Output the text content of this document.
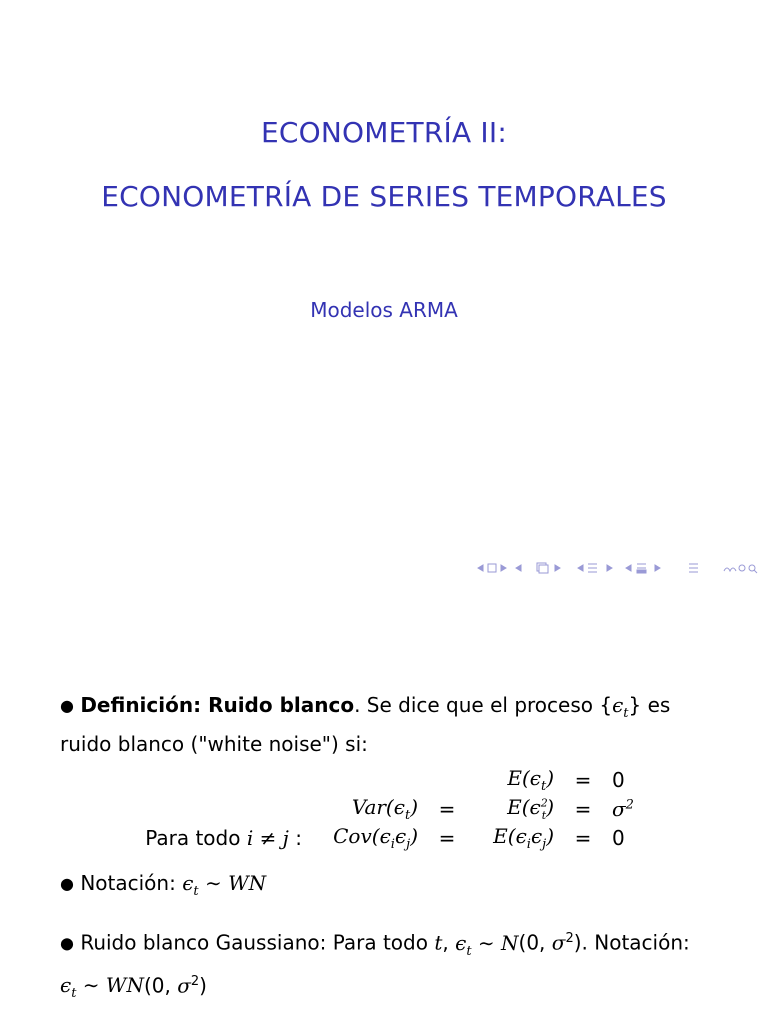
ECONOMETRÍA II:
ECONOMETRÍA DE SERIES TEMPORALES
Modelos ARMA
● Definición: Ruido blanco. Se dice que el proceso $\{\epsilon_t\}$ es ruido blanco ("white noise") si:
			$E(\epsilon_t)$	=	0
	$Var(\epsilon_t)$	=	$E(\epsilon^2_t)$	=	$\sigma^2$
Para todo i ≠ j :	$Cov(\epsilon_i\epsilon_j)$	=	$E(\epsilon_i\epsilon_j)$	=	0
● Notación: $\epsilon_t$ ∼ WN
● Ruido blanco Gaussiano: Para todo t, $\epsilon_t$ ∼ N(0, $\sigma^2$). Notación:
$\epsilon_t$ ∼ WN(0, $\sigma^2$)
